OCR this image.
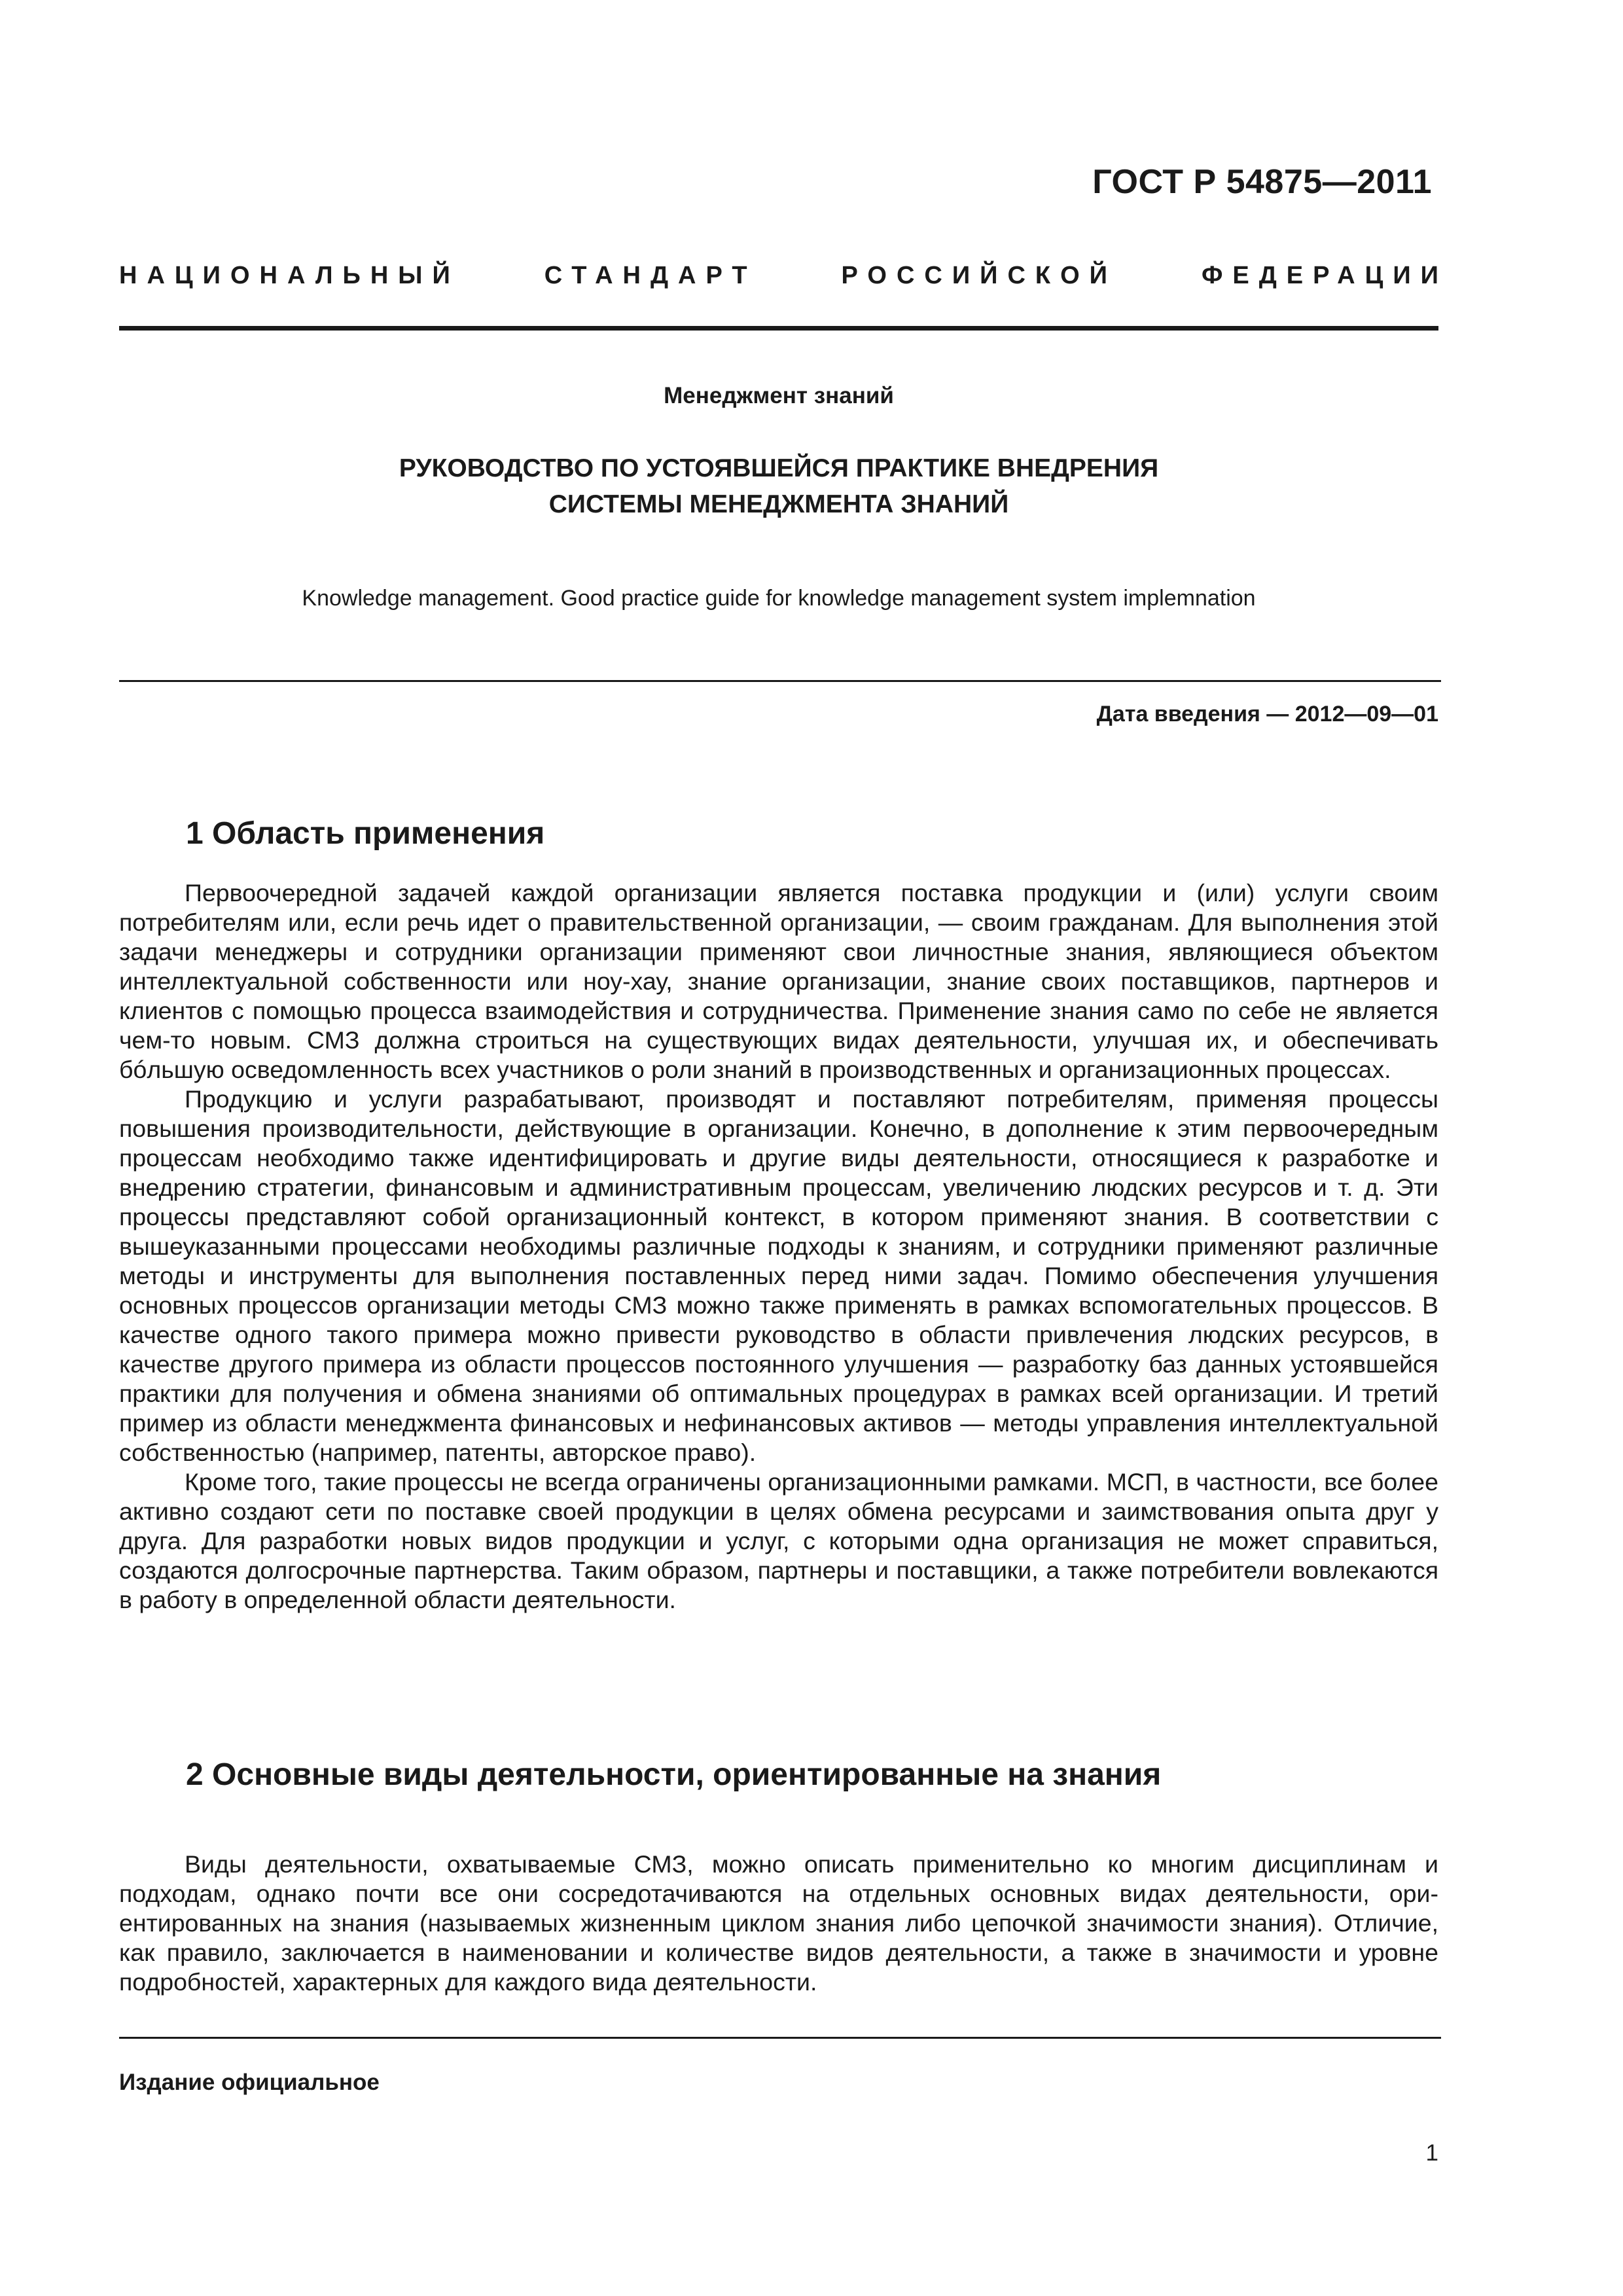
ГОСТ Р 54875—2011
НАЦИОНАЛЬНЫЙ	СТАНДАРТ	РОССИЙСКОЙ	ФЕДЕРАЦИИ
Менеджмент знаний
РУКОВОДСТВО ПО УСТОЯВШЕЙСЯ ПРАКТИКЕ ВНЕДРЕНИЯ
СИСТЕМЫ МЕНЕДЖМЕНТА ЗНАНИЙ
Knowledge management. Good practice guide for knowledge management system implemnation
Дата введения — 2012—09—01
1 Область применения

Первоочередной задачей каждой организации является поставка продукции и (или) услуги своим потребителям или, если речь идет о правительственной организации, — своим гражданам. Для выполнения этой задачи менеджеры и сотрудники организации применяют свои личностные знания, являющиеся объектом интеллектуальной собственности или ноу-хау, знание организации, знание своих поставщиков, партнеров и клиентов с помощью процесса взаимодействия и сотрудничества. Применение знания само по себе не является чем-то новым. СМЗ должна строиться на существующих видах деятельности, улучшая их, и обеспечивать бóльшую осведомленность всех участников о роли знаний в производственных и организационных процессах.

Продукцию и услуги разрабатывают, производят и поставляют потребителям, применяя процессы повышения производительности, действующие в организации. Конечно, в дополнение к этим первоочередным процессам необходимо также идентифицировать и другие виды деятельности, относящиеся к разработке и внедрению стратегии, финансовым и административным процессам, увеличению людских ресурсов и т. д. Эти процессы представляют собой организационный контекст, в котором применяют знания. В соответствии с вышеуказанными процессами необходимы различные подходы к знаниям, и сотрудники применяют различные методы и инструменты для выполнения поставленных перед ними задач. Помимо обеспечения улучшения основных процессов организации методы СМЗ можно также применять в рамках вспомогательных процессов. В качестве одного такого примера можно привести руководство в области привлечения людских ресурсов, в качестве другого примера из области процессов постоянного улучшения — разработку баз данных устоявшейся практики для получения и обмена знаниями об оптимальных процедурах в рамках всей организации. И третий пример из области менеджмента финансовых и нефинансовых активов — методы управления интеллектуальной собственностью (например, патенты, авторское право).

Кроме того, такие процессы не всегда ограничены организационными рамками. МСП, в частности, все более активно создают сети по поставке своей продукции в целях обмена ресурсами и заимствования опыта друг у друга. Для разработки новых видов продукции и услуг, с которыми одна организация не может справиться, создаются долгосрочные партнерства. Таким образом, партнеры и поставщики, а также потребители вовлекаются в работу в определенной области деятельности.

2 Основные виды деятельности, ориентированные на знания

Виды деятельности, охватываемые СМЗ, можно описать применительно ко многим дисциплинам и подходам, однако почти все они сосредотачиваются на отдельных основных видах деятельности, ориентированных на знания (называемых жизненным циклом знания либо цепочкой значимости знания). Отличие, как правило, заключается в наименовании и количестве видов деятельности, а также в значимости и уровне подробностей, характерных для каждого вида деятельности.

Издание официальное
1
